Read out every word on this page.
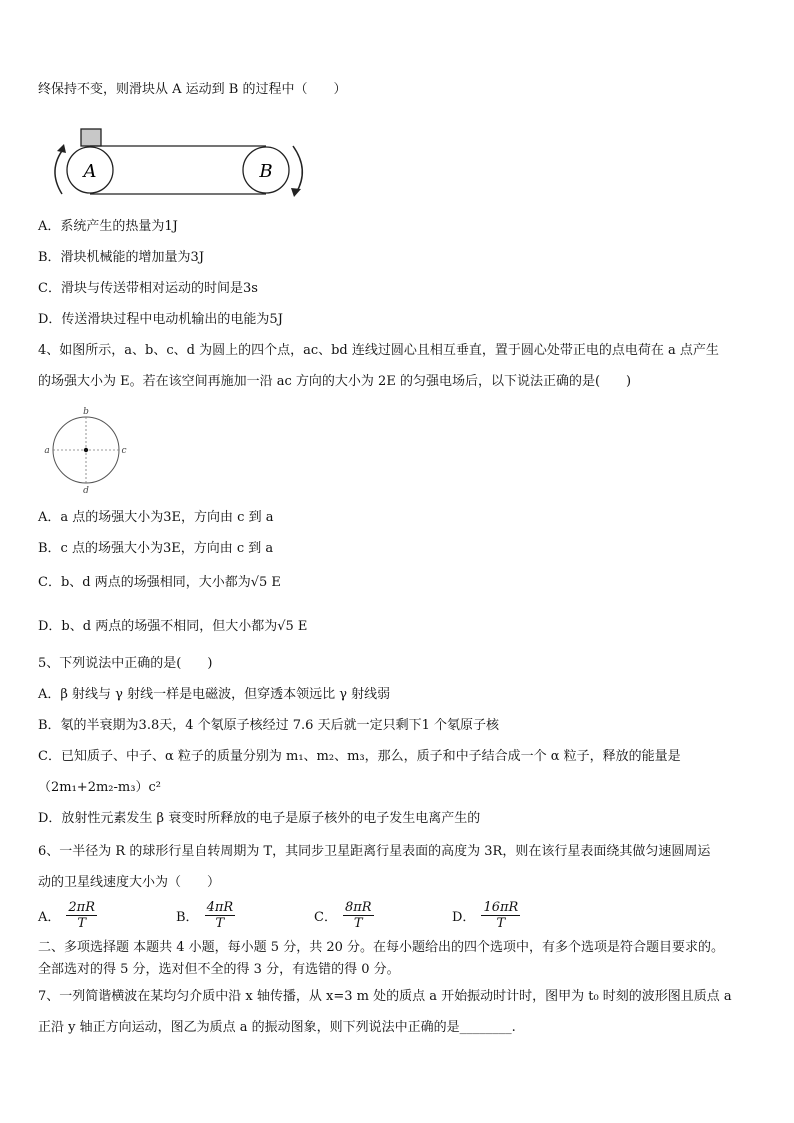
终保持不变，则滑块从 A 运动到 B 的过程中（　　）
A	B
A．系统产生的热量为1J
B．滑块机械能的增加量为3J
C．滑块与传送带相对运动的时间是3s
D．传送滑块过程中电动机输出的电能为5J
4、如图所示，a、b、c、d 为圆上的四个点，ac、bd 连线过圆心且相互垂直，置于圆心处带正电的点电荷在 a 点产生
的场强大小为 E。若在该空间再施加一沿 ac 方向的大小为 2E 的匀强电场后，以下说法正确的是(　　)
b
a	c
d
A．a 点的场强大小为3E，方向由 c 到 a
B．c 点的场强大小为3E，方向由 c 到 a
C．b、d 两点的场强相同，大小都为√5 E
D．b、d 两点的场强不相同，但大小都为√5 E
5、下列说法中正确的是(　　)
A．β 射线与 γ 射线一样是电磁波，但穿透本领远比 γ 射线弱
B．氡的半衰期为3.8天，4 个氡原子核经过 7.6 天后就一定只剩下1 个氡原子核
C．已知质子、中子、α 粒子的质量分别为 m₁、m₂、m₃，那么，质子和中子结合成一个 α 粒子，释放的能量是
（2m₁+2m₂-m₃）c²
D．放射性元素发生 β 衰变时所释放的电子是原子核外的电子发生电离产生的
6、一半径为 R 的球形行星自转周期为 T，其同步卫星距离行星表面的高度为 3R，则在该行星表面绕其做匀速圆周运
动的卫星线速度大小为（　　）
A． $\frac{2\pi R}{T}$	B． $\frac{4\pi R}{T}$	C． $\frac{8\pi R}{T}$	D． $\frac{16\pi R}{T}$
二、多项选择题 本题共 4 小题，每小题 5 分，共 20 分。在每小题给出的四个选项中，有多个选项是符合题目要求的。
全部选对的得 5 分，选对但不全的得 3 分，有选错的得 0 分。
7、一列简谐横波在某均匀介质中沿 x 轴传播，从 x=3 m 处的质点 a 开始振动时计时，图甲为 t₀ 时刻的波形图且质点 a
正沿 y 轴正方向运动，图乙为质点 a 的振动图象，则下列说法中正确的是________.
